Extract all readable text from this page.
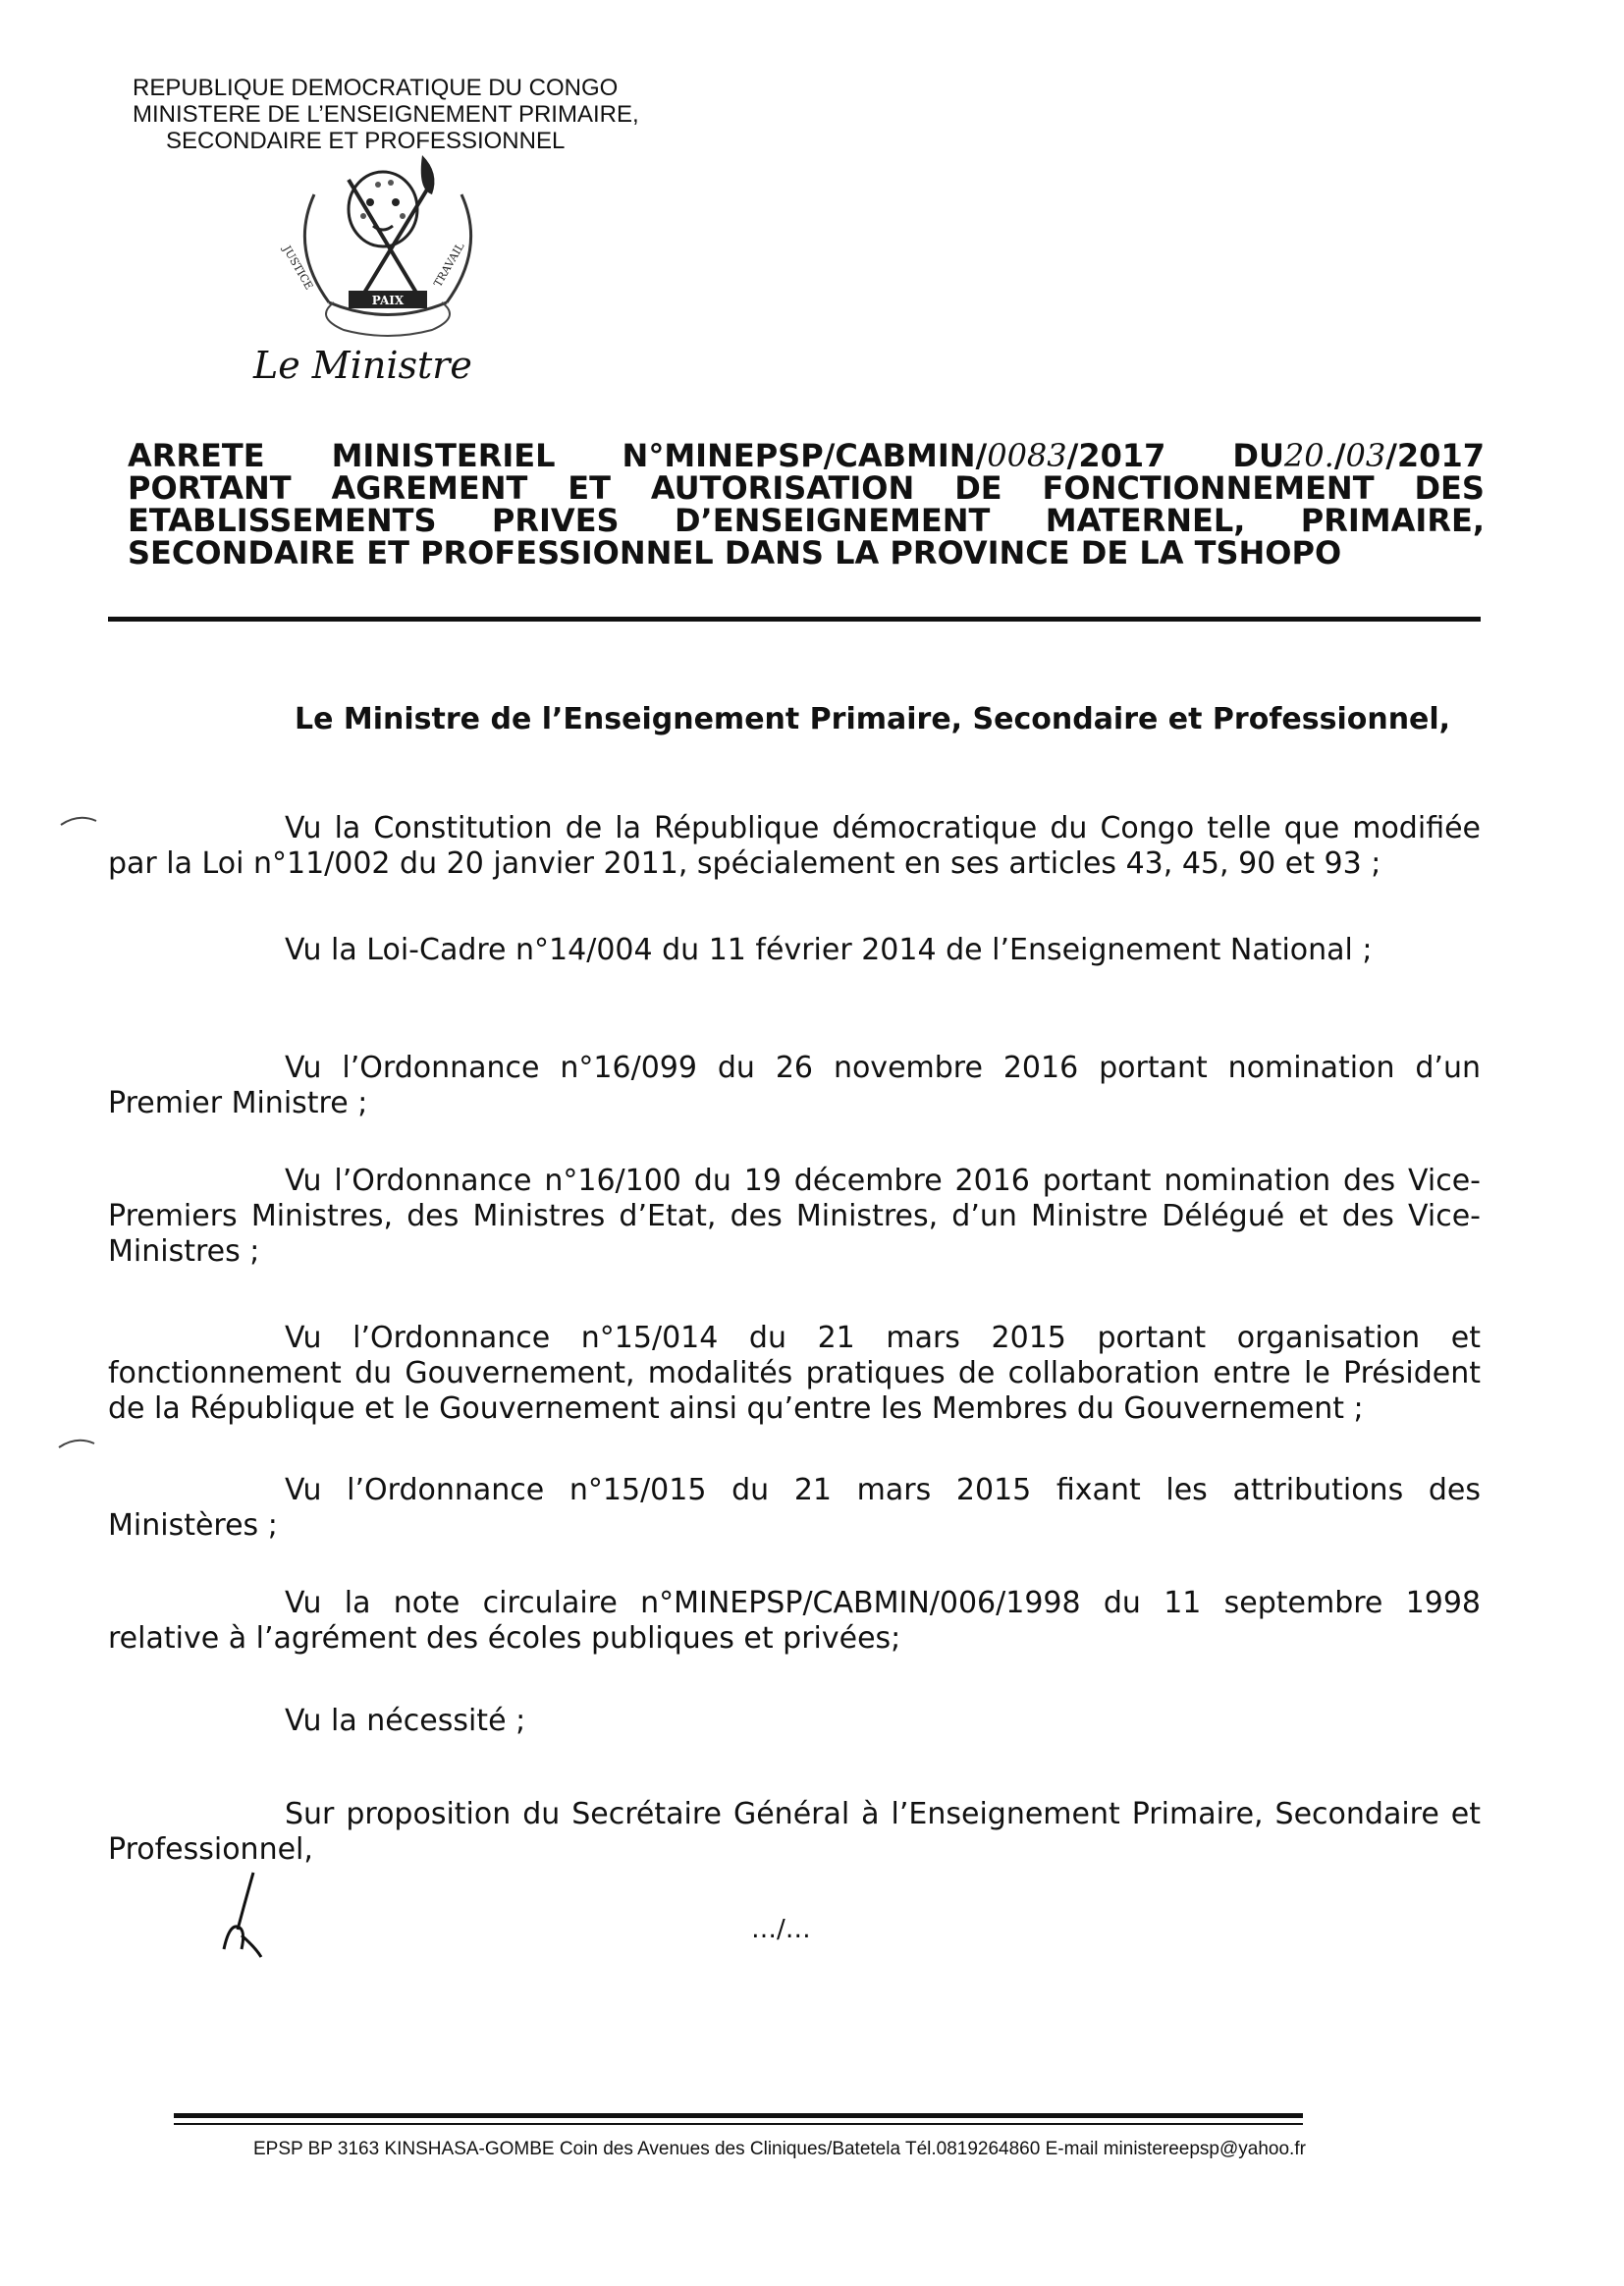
REPUBLIQUE DEMOCRATIQUE DU CONGO
MINISTERE DE L’ENSEIGNEMENT PRIMAIRE,
SECONDAIRE ET PROFESSIONNEL
PAIX
JUSTICE	TRAVAIL
Le Ministre
ARRETE MINISTERIEL N°MINEPSP/CABMIN/0083/2017 DU20./03/2017
PORTANT AGREMENT ET AUTORISATION DE FONCTIONNEMENT DES
ETABLISSEMENTS PRIVES D’ENSEIGNEMENT MATERNEL, PRIMAIRE,
SECONDAIRE ET PROFESSIONNEL DANS LA PROVINCE DE LA TSHOPO
Le Ministre de l’Enseignement Primaire, Secondaire et Professionnel,
Vu la Constitution de la République démocratique du Congo telle que modifiée par la Loi n°11/002 du 20 janvier 2011, spécialement en ses articles 43, 45, 90 et 93 ;
Vu la Loi-Cadre n°14/004 du 11 février 2014 de l’Enseignement National ;
Vu l’Ordonnance n°16/099 du 26 novembre 2016 portant nomination d’un Premier Ministre ;
Vu l’Ordonnance n°16/100 du 19 décembre 2016 portant nomination des Vice-Premiers Ministres, des Ministres d’Etat, des Ministres, d’un Ministre Délégué et des Vice-Ministres ;
Vu l’Ordonnance n°15/014 du 21 mars 2015 portant organisation et fonctionnement du Gouvernement, modalités pratiques de collaboration entre le Président de la République et le Gouvernement ainsi qu’entre les Membres du Gouvernement ;
Vu l’Ordonnance n°15/015 du 21 mars 2015 fixant les attributions des Ministères ;
Vu la note circulaire n°MINEPSP/CABMIN/006/1998 du 11 septembre 1998 relative à l’agrément des écoles publiques et privées;
Vu la nécessité ;
Sur proposition du Secrétaire Général à l’Enseignement Primaire, Secondaire et Professionnel,
…/…
EPSP BP 3163 KINSHASA-GOMBE Coin des Avenues des Cliniques/Batetela Tél.0819264860 E-mail ministereepsp@yahoo.fr
